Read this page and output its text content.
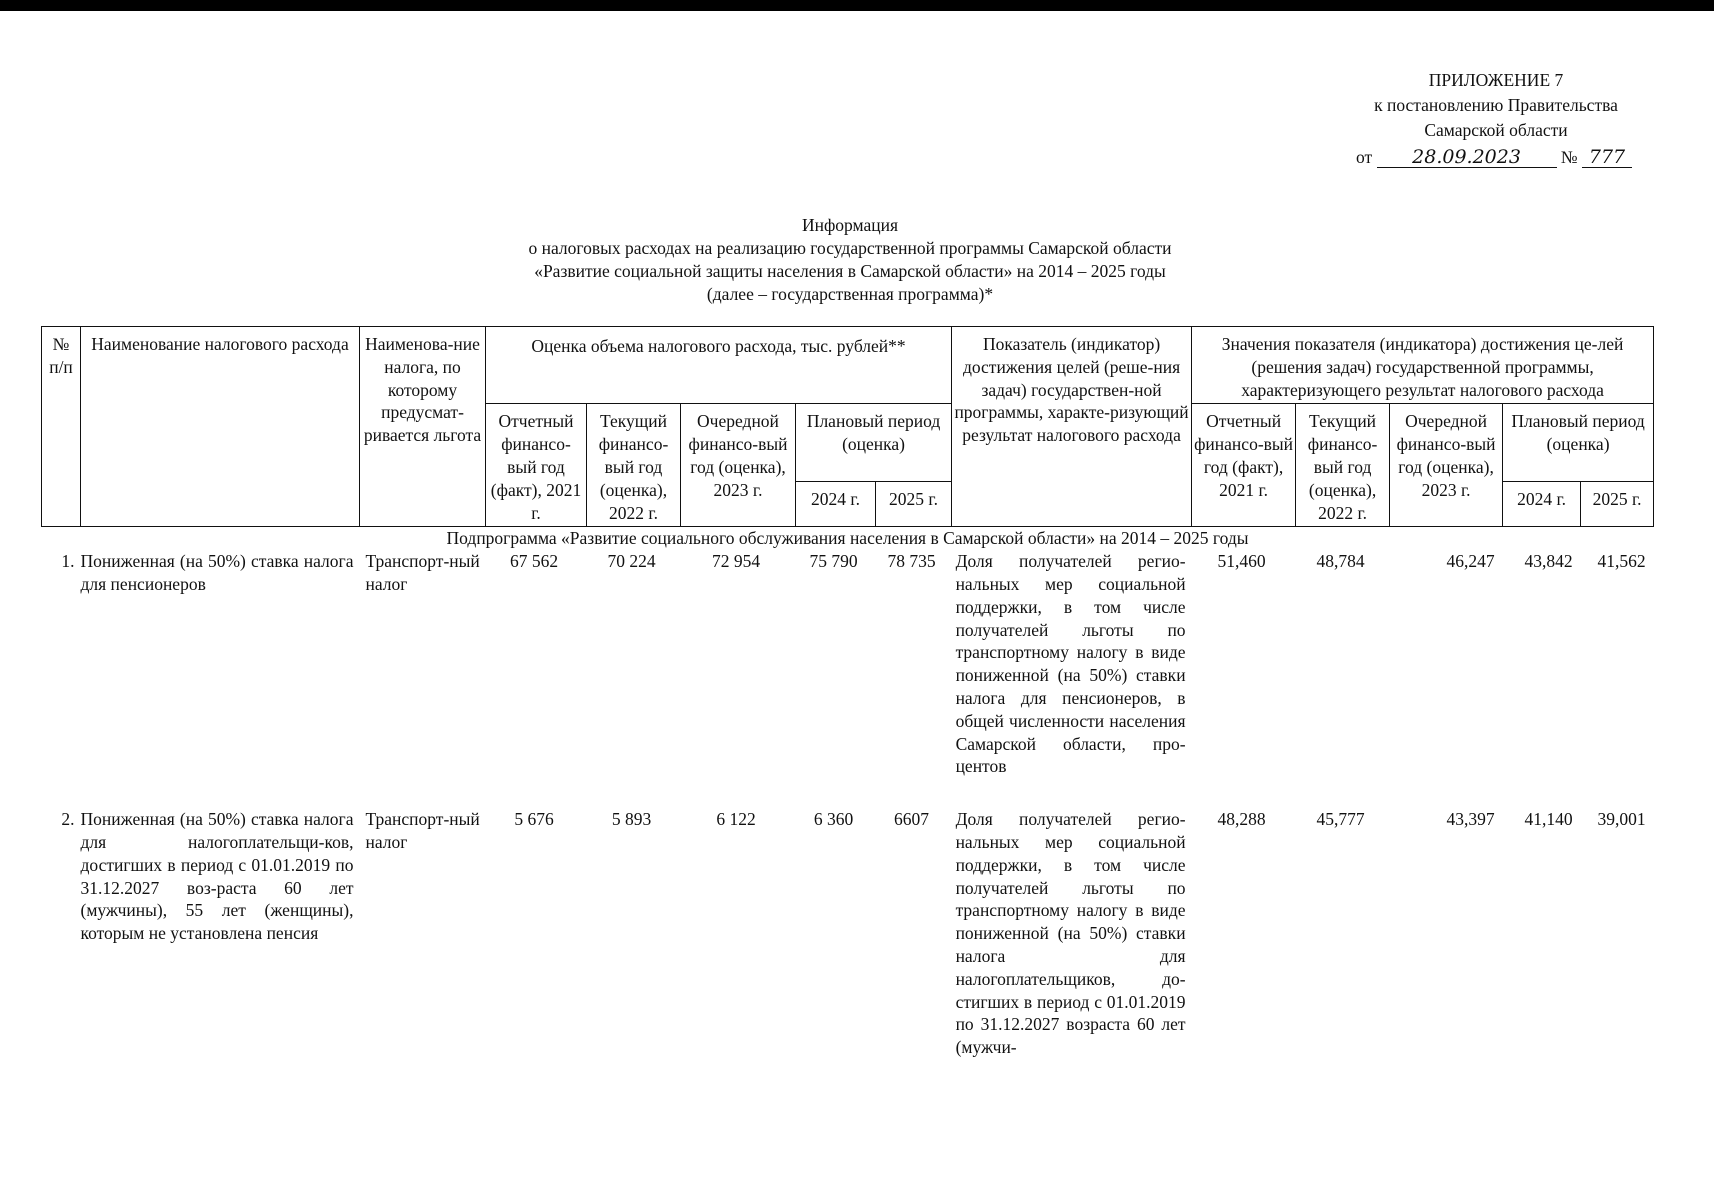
ПРИЛОЖЕНИЕ 7
к постановлению Правительства
Самарской области
от 28.09.2023 № 777
Информация
о налоговых расходах на реализацию государственной программы Самарской области
«Развитие социальной защиты населения в Самарской области» на 2014 – 2025 годы
(далее – государственная программа)*
№ п/п	Наименование налогового расхода	Наименова-ние налога, по которому предусмат-ривается льгота	Оценка объема налогового расхода, тыс. рублей**					Показатель (индикатор) достижения целей (реше-ния задач) государствен-ной программы, характе-ризующий результат налогового расхода	Значения показателя (индикатора) достижения це-лей (решения задач) государственной программы, характеризующего результат налогового расхода				
			Отчетный финансо-вый год (факт), 2021 г.	Текущий финансо-вый год (оценка), 2022 г.	Очередной финансо-вый год (оценка), 2023 г.	Плановый период (оценка)			Отчетный финансо-вый год (факт), 2021 г.	Текущий финансо-вый год (оценка), 2022 г.	Очередной финансо-вый год (оценка), 2023 г.	Плановый период (оценка)	
						2024 г.	2025 г.					2024 г.	2025 г.
Подпрограмма «Развитие социального обслуживания населения в Самарской области» на 2014 – 2025 годы													
1.	Пониженная (на 50%) ставка налога для пенсионеров	Транспорт-ный налог	67 562	70 224	72 954	75 790	78 735	Доля получателей регио-нальных мер социальной поддержки, в том числе получателей льготы по транспортному налогу в виде пониженной (на 50%) ставки налога для пенсионеров, в общей численности населения Самарской области, про-центов	51,460	48,784	46,247	43,842	41,562

2.	Пониженная (на 50%) ставка налога для налогоплательщи-ков, достигших в период с 01.01.2019 по 31.12.2027 воз-раста 60 лет (мужчины), 55 лет (женщины), которым не установлена пенсия	Транспорт-ный налог	5 676	5 893	6 122	6 360	6607	Доля получателей регио-нальных мер социальной поддержки, в том числе получателей льготы по транспортному налогу в виде пониженной (на 50%) ставки налога для налогоплательщиков, до-стигших в период с 01.01.2019 по 31.12.2027 возраста 60 лет (мужчи-	48,288	45,777	43,397	41,140	39,001
